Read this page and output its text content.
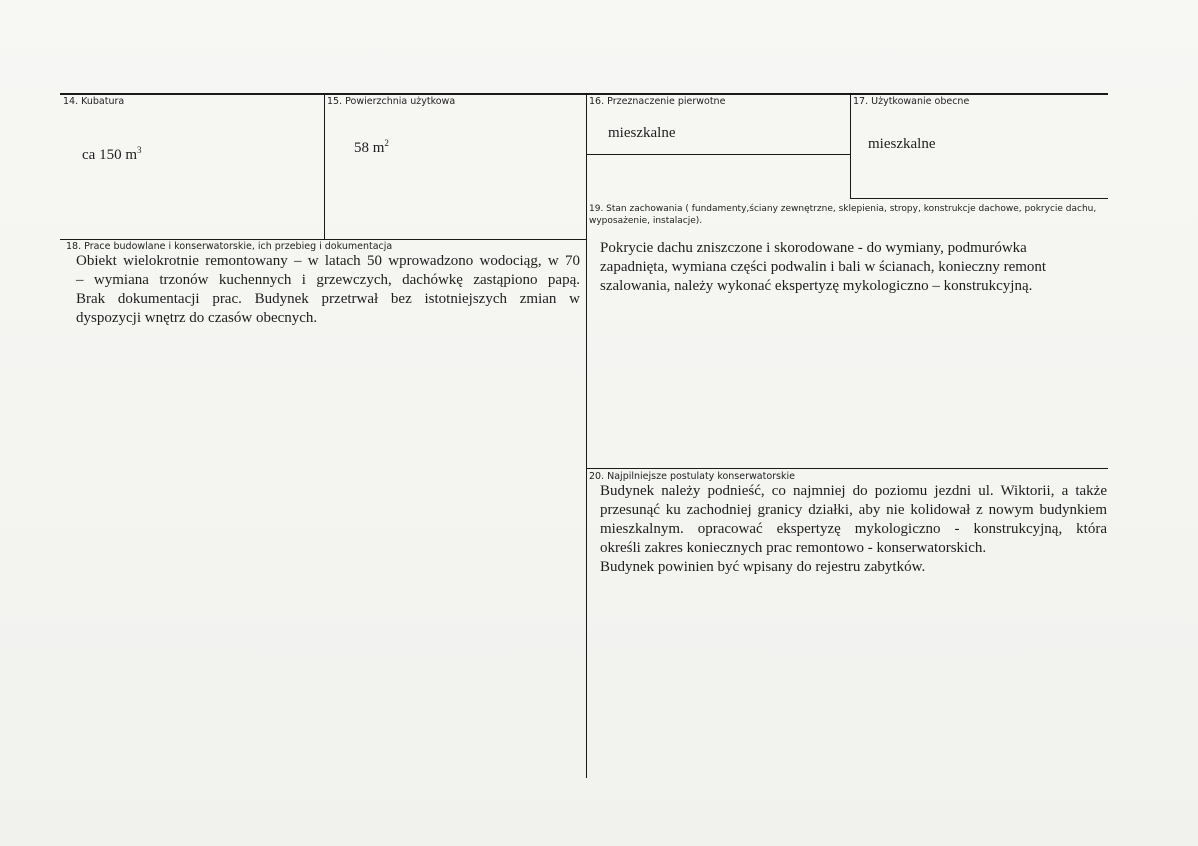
14. Kubatura
ca 150 $m^3$
15. Powierzchnia użytkowa
58 $m^2$
16. Przeznaczenie pierwotne
mieszkalne
17. Użytkowanie obecne
mieszkalne
18. Prace budowlane i konserwatorskie, ich przebieg i dokumentacja
Obiekt wielokrotnie remontowany – w latach 50 wprowadzono wodociąg, w 70
– wymiana trzonów kuchennych i grzewczych, dachówkę zastąpiono papą.
Brak dokumentacji prac. Budynek przetrwał bez istotniejszych zmian w
dyspozycji wnętrz do czasów obecnych.
19. Stan zachowania ( fundamenty,ściany zewnętrzne, sklepienia, stropy, konstrukcje dachowe, pokrycie dachu,
wyposażenie, instalacje).
Pokrycie dachu zniszczone i skorodowane - do wymiany, podmurówka
zapadnięta, wymiana części podwalin i bali w ścianach, konieczny remont
szalowania, należy wykonać ekspertyzę mykologiczno – konstrukcyjną.
20. Najpilniejsze postulaty konserwatorskie
Budynek należy podnieść, co najmniej do poziomu jezdni ul. Wiktorii, a także
przesunąć ku zachodniej granicy działki, aby nie kolidował z nowym budynkiem
mieszkalnym. opracować ekspertyzę mykologiczno - konstrukcyjną, która
określi zakres koniecznych prac remontowo - konserwatorskich.
Budynek powinien być wpisany do rejestru zabytków.
